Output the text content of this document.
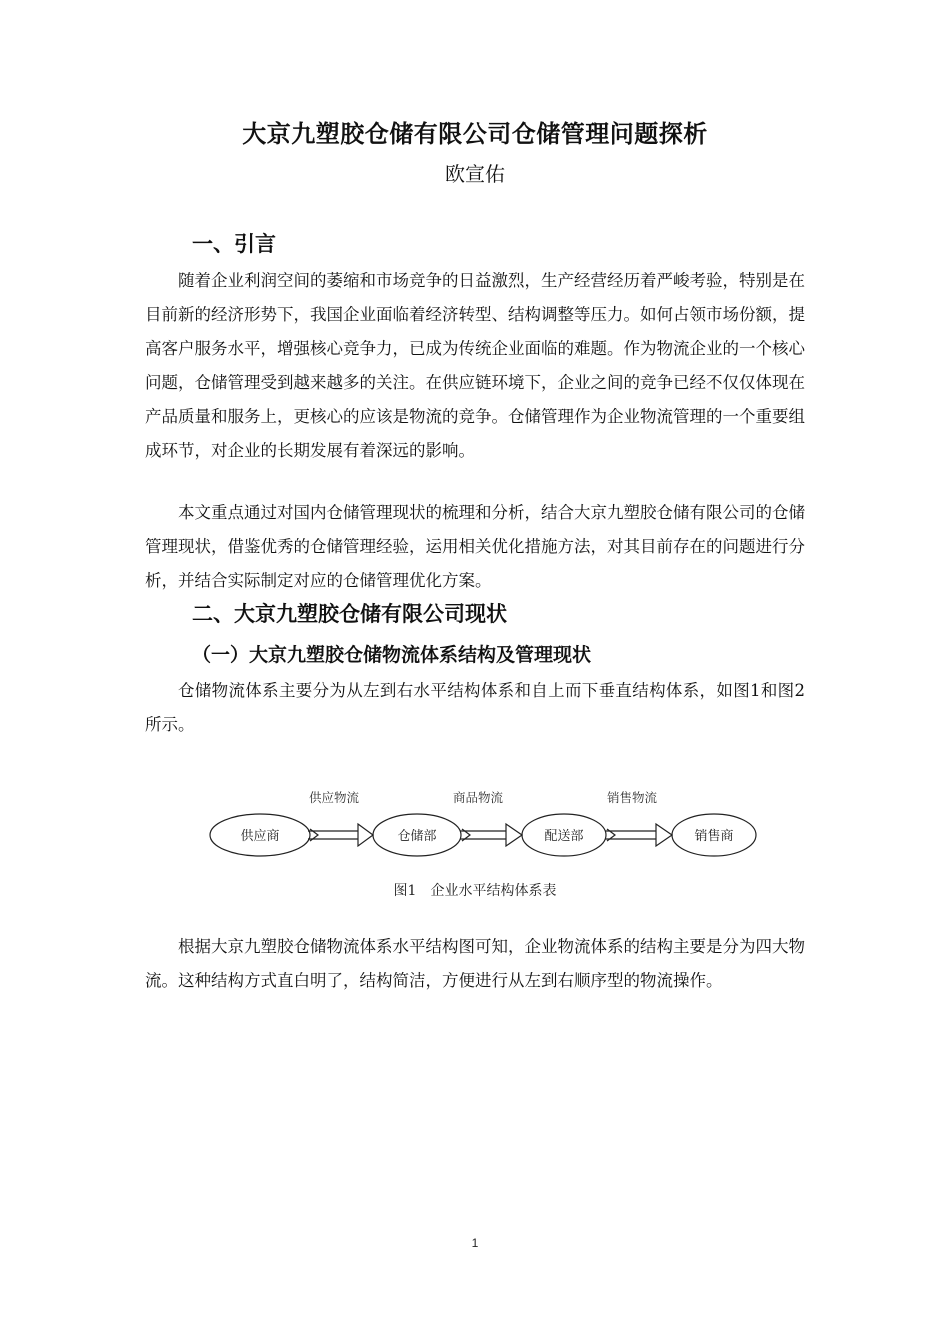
大京九塑胶仓储有限公司仓储管理问题探析
欧宣佑
一、引言

随着企业利润空间的萎缩和市场竞争的日益激烈，生产经营经历着严峻考验，特别是在目前新的经济形势下，我国企业面临着经济转型、结构调整等压力。如何占领市场份额，提高客户服务水平，增强核心竞争力，已成为传统企业面临的难题。作为物流企业的一个核心问题，仓储管理受到越来越多的关注。在供应链环境下，企业之间的竞争已经不仅仅体现在产品质量和服务上，更核心的应该是物流的竞争。仓储管理作为企业物流管理的一个重要组成环节，对企业的长期发展有着深远的影响。

本文重点通过对国内仓储管理现状的梳理和分析，结合大京九塑胶仓储有限公司的仓储管理现状，借鉴优秀的仓储管理经验，运用相关优化措施方法，对其目前存在的问题进行分析，并结合实际制定对应的仓储管理优化方案。

二、大京九塑胶仓储有限公司现状
（一）大京九塑胶仓储物流体系结构及管理现状

仓储物流体系主要分为从左到右水平结构体系和自上而下垂直结构体系，如图1和图2所示。

供应商	仓储部	配送部	销售商
供应物流	商品物流	销售物流
图1　企业水平结构体系表

根据大京九塑胶仓储物流体系水平结构图可知，企业物流体系的结构主要是分为四大物流。这种结构方式直白明了，结构简洁，方便进行从左到右顺序型的物流操作。

1
